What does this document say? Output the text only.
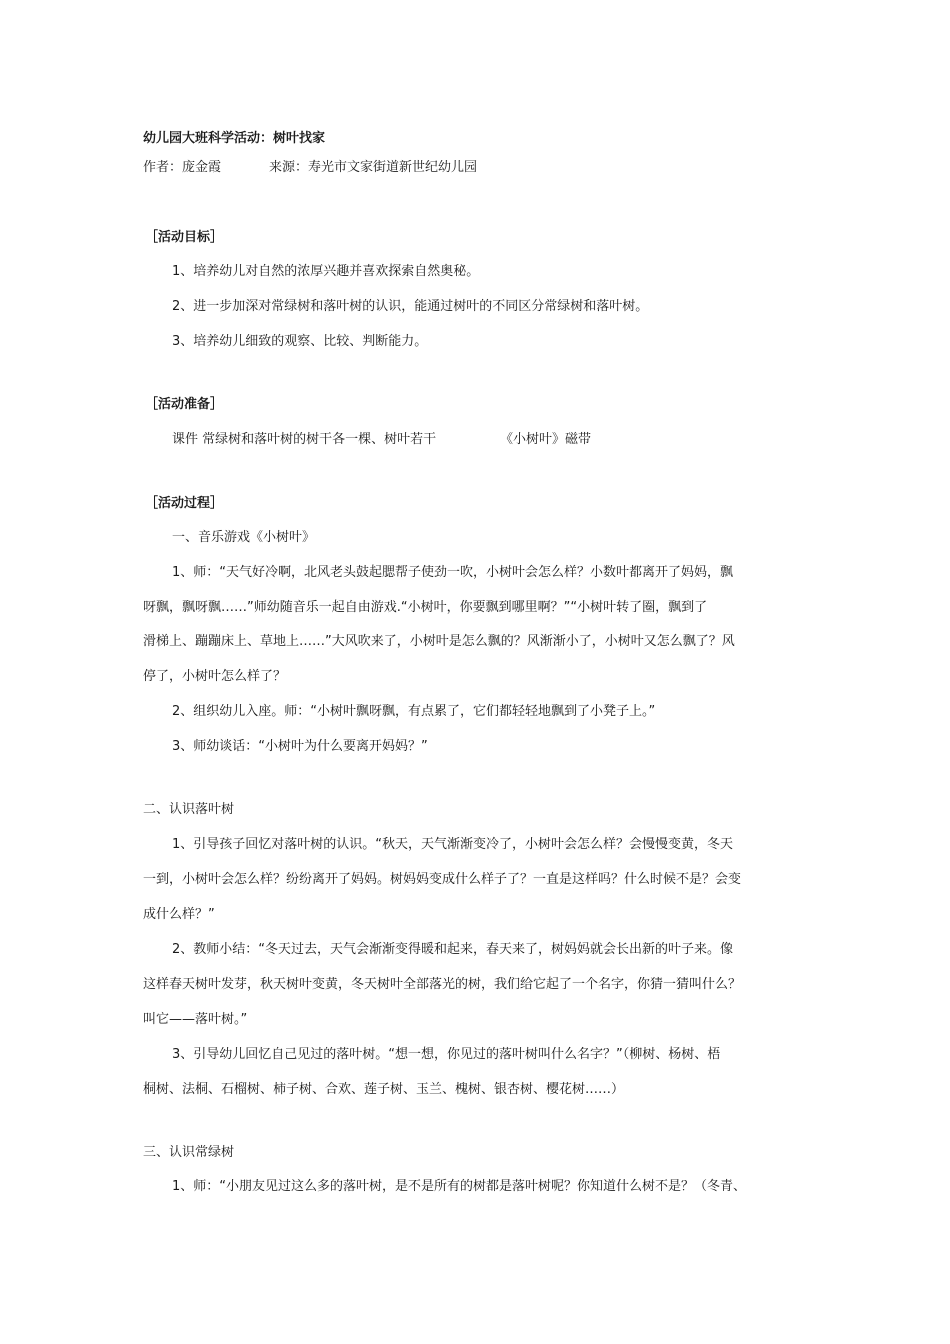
幼儿园大班科学活动：树叶找家
作者：庞金霞	来源：寿光市文家街道新世纪幼儿园
［活动目标］
1、培养幼儿对自然的浓厚兴趣并喜欢探索自然奥秘。
2、进一步加深对常绿树和落叶树的认识，能通过树叶的不同区分常绿树和落叶树。
3、培养幼儿细致的观察、比较、判断能力。
［活动准备］
课件 常绿树和落叶树的树干各一棵、树叶若干	《小树叶》磁带
［活动过程］
一、音乐游戏《小树叶》
1、师：“天气好冷啊，北风老头鼓起腮帮子使劲一吹，小树叶会怎么样？小数叶都离开了妈妈，飘
呀飘，飘呀飘……”师幼随音乐一起自由游戏.“小树叶，你要飘到哪里啊？”“小树叶转了圈，飘到了
滑梯上、蹦蹦床上、草地上……”大风吹来了，小树叶是怎么飘的？风渐渐小了，小树叶又怎么飘了？风
停了，小树叶怎么样了？
2、组织幼儿入座。师：“小树叶飘呀飘，有点累了，它们都轻轻地飘到了小凳子上。”
3、师幼谈话：“小树叶为什么要离开妈妈？”
二、认识落叶树
1、引导孩子回忆对落叶树的认识。“秋天，天气渐渐变冷了，小树叶会怎么样？会慢慢变黄，冬天
一到，小树叶会怎么样？纷纷离开了妈妈。树妈妈变成什么样子了？一直是这样吗？什么时候不是？会变
成什么样？”
2、教师小结：“冬天过去，天气会渐渐变得暖和起来，春天来了，树妈妈就会长出新的叶子来。像
这样春天树叶发芽，秋天树叶变黄，冬天树叶全部落光的树，我们给它起了一个名字，你猜一猜叫什么？
叫它——落叶树。”
3、引导幼儿回忆自己见过的落叶树。“想一想，你见过的落叶树叫什么名字？”（柳树、杨树、梧
桐树、法桐、石榴树、柿子树、合欢、莲子树、玉兰、槐树、银杏树、樱花树……）
三、认识常绿树
1、师：“小朋友见过这么多的落叶树，是不是所有的树都是落叶树呢？你知道什么树不是？（冬青、
